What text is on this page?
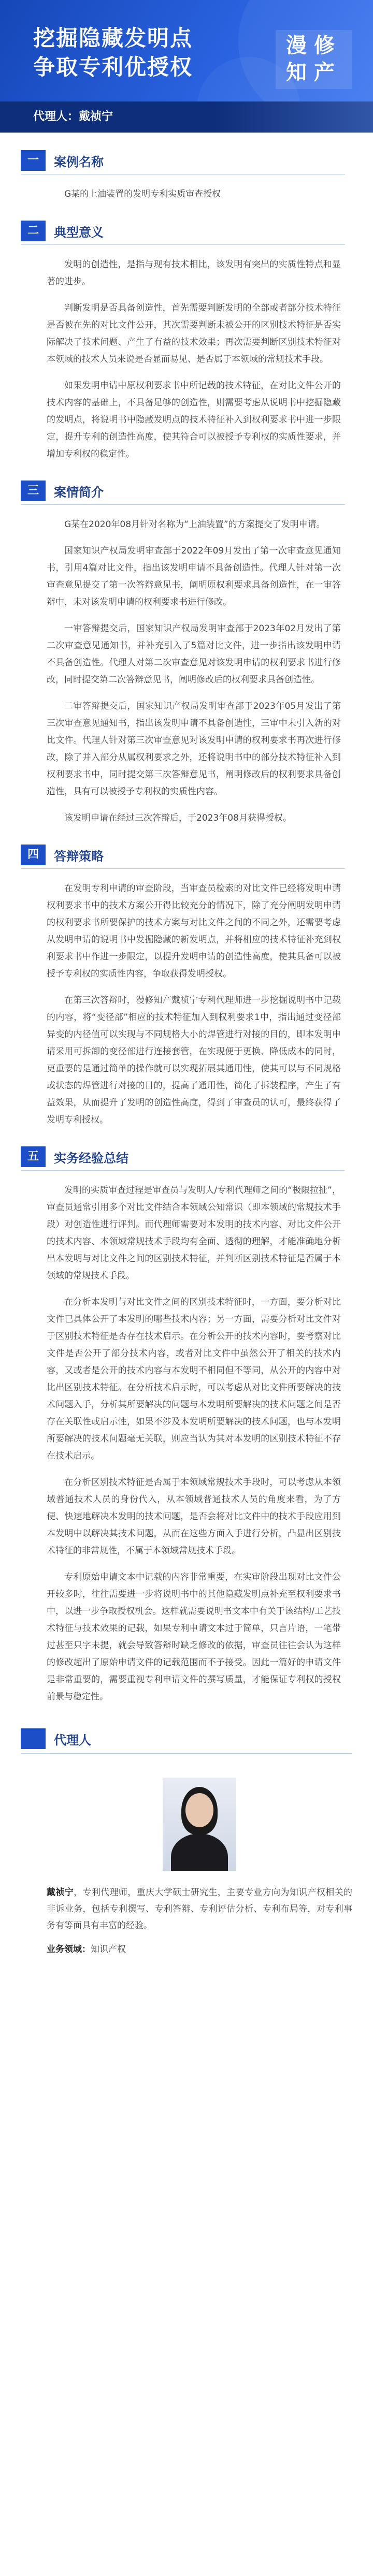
挖掘隐藏发明点
争取专利优授权
漫修
知产
代理人：戴祯宁
一	案例名称

G某的上油装置的发明专利实质审查授权

二	典型意义

发明的创造性，是指与现有技术相比，该发明有突出的实质性特点和显著的进步。

判断发明是否具备创造性，首先需要判断发明的全部或者部分技术特征是否被在先的对比文件公开，其次需要判断未被公开的区别技术特征是否实际解决了技术问题、产生了有益的技术效果；再次需要判断区别技术特征对本领域的技术人员来说是否显而易见、是否属于本领域的常规技术手段。

如果发明申请中原权利要求书中所记载的技术特征，在对比文件公开的技术内容的基础上，不具备足够的创造性，则需要考虑从说明书中挖掘隐藏的发明点，将说明书中隐藏发明点的技术特征补入到权利要求书中进一步限定，提升专利的创造性高度，使其符合可以被授予专利权的实质性要求，并增加专利权的稳定性。

三	案情简介

G某在2020年08月针对名称为“上油装置”的方案提交了发明申请。

国家知识产权局发明审查部于2022年09月发出了第一次审查意见通知书，引用4篇对比文件，指出该发明申请不具备创造性。代理人针对第一次审查意见提交了第一次答辩意见书，阐明原权利要求具备创造性，在一审答辩中，未对该发明申请的权利要求书进行修改。

一审答辩提交后，国家知识产权局发明审查部于2023年02月发出了第二次审查意见通知书，并补充引入了5篇对比文件，进一步指出该发明申请不具备创造性。代理人对第二次审查意见对该发明申请的权利要求书进行修改，同时提交第二次答辩意见书，阐明修改后的权利要求具备创造性。

二审答辩提交后，国家知识产权局发明审查部于2023年05月发出了第三次审查意见通知书，指出该发明申请不具备创造性，三审中未引入新的对比文件。代理人针对第三次审查意见对该发明申请的权利要求书再次进行修改，除了并入部分从属权利要求之外，还将说明书中的部分技术特征补入到权利要求书中，同时提交第三次答辩意见书，阐明修改后的权利要求具备创造性，具有可以被授予专利权的实质性内容。

该发明申请在经过三次答辩后，于2023年08月获得授权。

四	答辩策略

在发明专利申请的审查阶段，当审查员检索的对比文件已经将发明申请权利要求书中的技术方案公开得比较充分的情况下，除了充分阐明发明申请的权利要求书所要保护的技术方案与对比文件之间的不同之外，还需要考虑从发明申请的说明书中发掘隐藏的新发明点，并将相应的技术特征补充到权利要求书中作进一步限定，以提升发明申请的创造性高度，使其具备可以被授予专利权的实质性内容，争取获得发明授权。

在第三次答辩时，漫修知产戴祯宁专利代理师进一步挖掘说明书中记载的内容，将“变径部”相应的技术特征加入到权利要求1中，指出通过变径部异变的内径值可以实现与不同规格大小的焊管进行对接的目的，即本发明申请采用可拆卸的变径部进行连接套管，在实现便于更换、降低成本的同时，更重要的是通过简单的操作就可以实现拓展其通用性，使其可以与不同规格或状态的焊管进行对接的目的，提高了通用性，简化了拆装程序，产生了有益效果，从而提升了发明的创造性高度，得到了审查员的认可，最终获得了发明专利授权。

五	实务经验总结

发明的实质审查过程是审查员与发明人/专利代理师之间的“极限拉扯”，审查员通常引用多个对比文件结合本领域公知常识（即本领域的常规技术手段）对创造性进行评判。而代理师需要对本发明的技术内容、对比文件公开的技术内容、本领域常规技术手段均有全面、透彻的理解，才能准确地分析出本发明与对比文件之间的区别技术特征，并判断区别技术特征是否属于本领域的常规技术手段。

在分析本发明与对比文件之间的区别技术特征时，一方面，要分析对比文件已具体公开了本发明的哪些技术内容；另一方面，需要分析对比文件对于区别技术特征是否存在技术启示。在分析公开的技术内容时，要考察对比文件是否公开了部分技术内容，或者对比文件中虽然公开了相关的技术内容，又或者是公开的技术内容与本发明不相同但不等同，从公开的内容中对比出区别技术特征。在分析技术启示时，可以考虑从对比文件所要解决的技术问题入手，分析其所要解决的问题与本发明所要解决的技术问题之间是否存在关联性或启示性，如果不涉及本发明所要解决的技术问题，也与本发明所要解决的技术问题毫无关联，则应当认为其对本发明的区别技术特征不存在技术启示。

在分析区别技术特征是否属于本领域常规技术手段时，可以考虑从本领域普通技术人员的身份代入，从本领域普通技术人员的角度来看，为了方便、快速地解决本发明的技术问题，是否会将对比文件中的技术手段应用到本发明中以解决其技术问题，从而在这些方面入手进行分析，凸显出区别技术特征的非常规性，不属于本领域常规技术手段。

专利原始申请文本中记载的内容非常重要，在实审阶段出现对比文件公开较多时，往往需要进一步将说明书中的其他隐藏发明点补充至权利要求书中，以进一步争取授权机会。这样就需要说明书文本中有关于该结构/工艺技术特征与技术效果的记载，如果专利申请文本过于简单，只言片语，一笔带过甚至只字未提，就会导致答辩时缺乏修改的依据，审查员往往会认为这样的修改超出了原始申请文件的记载范围而不予接受。因此一篇好的申请文件是非常重要的，需要重视专利申请文件的撰写质量，才能保证专利权的授权前景与稳定性。

代理人
戴祯宁，专利代理师，重庆大学硕士研究生，主要专业方向为知识产权相关的非诉业务，包括专利撰写、专利答辩、专利评估分析、专利布局等，对专利事务有等面具有丰富的经验。
业务领域：知识产权
